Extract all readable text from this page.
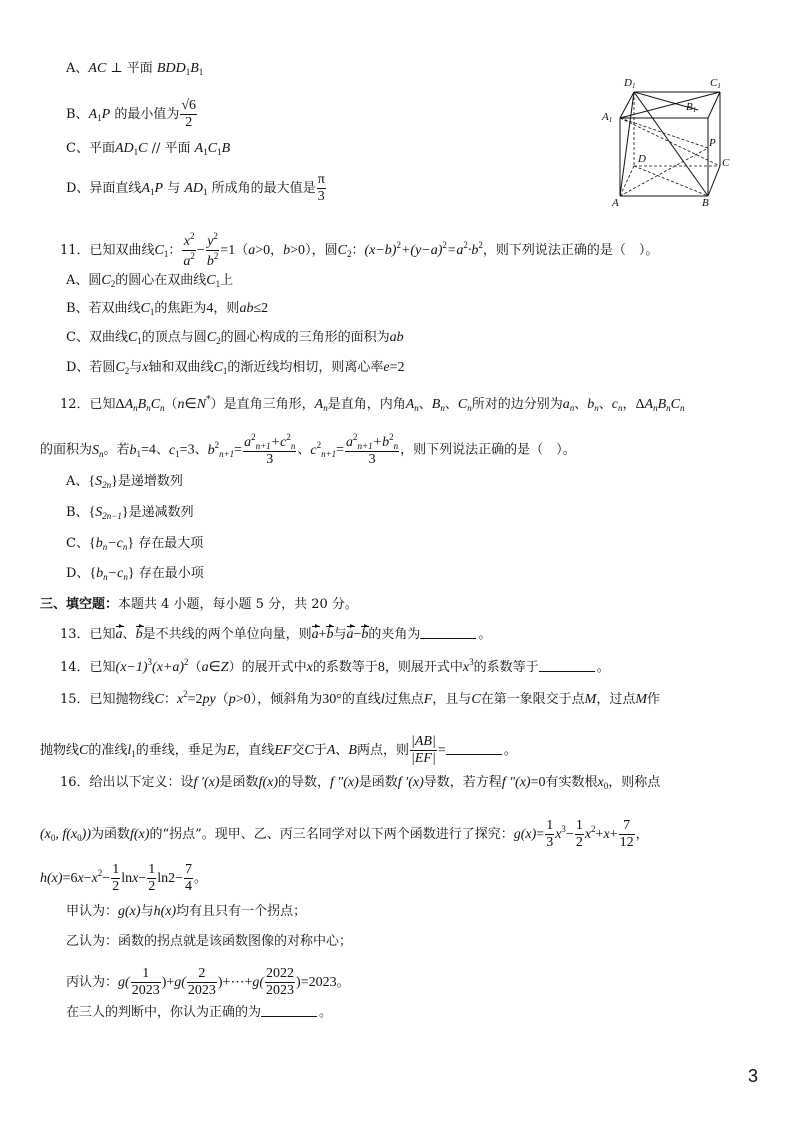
A、AC ⊥ 平面 $BDD_1B_1$
B、$A_1P$ 的最小值为 $\frac{√6}{2}$
C、平面$AD_1C$ // 平面 $A_1C_1B$
D、异面直线$A_1P$ 与 $AD_1$ 所成角的最大值是 $\frac{\pi}{3}$
D1	C1
B1
A1
P
D	C
A	B
11．已知双曲线$C_1$： $\frac{x^2}{a^2} - \frac{y^2}{b^2} =1(a>0$，b>0），圆$C_2$：$(x-b)^2+(y-a)^2=a^2\cdot b^2$，则下列说法正确的是（　）。
A、圆$C_2$的圆心在双曲线$C_1$上
B、若双曲线$C_1$的焦距为4，则ab≤2
C、双曲线$C_1$的顶点与圆$C_2$的圆心构成的三角形的面积为ab
D、若圆$C_2$与x轴和双曲线$C_1$的渐近线均相切，则离心率e=2
12．已知$\Delta A_nB_nC_n(n\in N^*)$是直角三角形，$A_n$是直角，内角$A_n$、$B_n$、$C_n$所对的边分别为$a_n$、$b_n$、$c_n$，$\Delta A_nB_nC_n$
的面积为$S_n$。若$b_1=4$、$c_1=3$、$b^2_{n+1}= \frac{a^2_{n+1}+c^2_n}{3}$ 、$c^2_{n+1}= \frac{a^2_{n+1}+b^2_n}{3}$ ，则下列说法正确的是（　）。
A、$\{S_{2n}\}$是递增数列
B、$\{S_{2n-1}\}$是递减数列
C、$\{b_n-c_n\}$ 存在最大项
D、$\{b_n-c_n\}$ 存在最小项
三、填空题：本题共 4 小题，每小题 5 分，共 20 分。
13．已知a、b是不共线的两个单位向量，则a+b与a−b的夹角为	。
14．已知$(x-1)^3(x+a)^2(a\in Z)$的展开式中x的系数等于8，则展开式中$x^3$的系数等于	。
15．已知抛物线C：$x^2=2py(p>0)$，倾斜角为30°的直线l过焦点F，且与C在第一象限交于点M，过点M作
抛物线C的准线$l_1$的垂线，垂足为E，直线EF交C于A、B两点，则 $\frac{|AB|}{|EF|}$ =	。
16．给出以下定义：设f ′(x)是函数f(x)的导数，f ″(x)是函数f ′(x)导数，若方程f ″(x)=0有实数根$x_0$，则称点
($x_0$, $f(x_0)$)为函数f(x)的“拐点”。现甲、乙、丙三名同学对以下两个函数进行了探究：$g(x)= \frac{1}{3} x^3- \frac{1}{2} x^2+x+ \frac{7}{12}$ ，
$h(x)=6x-x^2- \frac{1}{2} \ln x- \frac{1}{2} \ln 2- \frac{7}{4}$ 。
甲认为：g(x)与h(x)均有且只有一个拐点；
乙认为：函数的拐点就是该函数图像的对称中心；
丙认为：$g( \frac{1}{2023} )+g( \frac{2}{2023}$ )+⋯+g( $\frac{2022}{2023} )=2023$。
在三人的判断中，你认为正确的为	。
3
